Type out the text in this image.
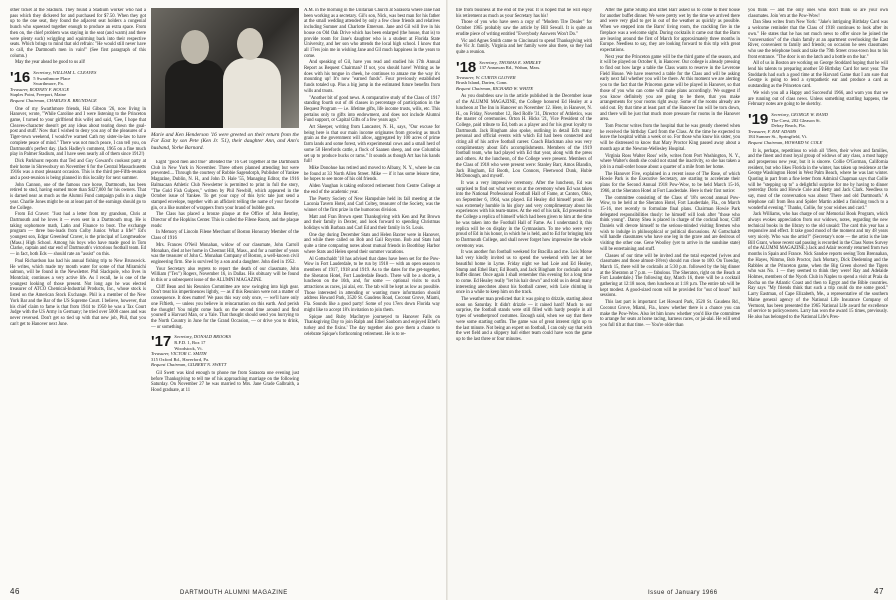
other ticket at the Stadium. They found a Stadium worker who had a pass which they dickered for and purchased for $7.50. When they got up to the one seat, they found the adjacent seat holders a congenial bunch who squeezed together enough to produce an extra space. From then on, the chief problem was staying in the seat (and warm) and there were plenty such) wriggling and squirming back into their respective seats. Which brings to mind that old refrain: "He would still never have to call, the Dartmouth men in vain!" (See first paragraph of this column.)

May the year ahead be good to us all!

'16 Secretary, WILLIAM L. CLEAVES
5 Swarthmore Place
Swarthmore, Pa.
Treasurer, RODNEY F. HOUGE
Staples Point, Freeport, Maine
Bequest Chairman, CHARLES R. BRUNDAGE

One of my Swarthmore friends, Hal Gibson '26, now living in Hanover, wrote, "While Caroline and I were listening to the Princeton game, I turned to your girlfriend this wife) and said, 'Gee, I hope that Cleaves-character doesn't get any ideas about tearing down the goal-post and stuff.' Now that I wished to deny you any of the pleasures of a Tiger-town weekend, I would've warned Cath my sister-in-law to have complete peace of mind." There was not much peace, I can tell you, on Dartmouth's perfect day. (Jack Hadley's comment, 1965 on a fine much play in Palmer Stadium, and I have seen nearly all of them since 1912!)

Dick Parkhurst reports that Ted and Guy Goward's cookout party at their home in Shrewsbury on November 6 for the Central Massachusetts 1916s was a most pleasant occasion. This is the third pre-Fifth-reunion and a post-reunion is being planned in this locality for next summer.

John Cannon, one of the famous race horse, Dartmouth, has been retired to stud, having earned more than $427,000 for his owners. That is darned near as much as the Alumni Fund campaign pulls in a single year. Charlie Jones might be on at least part of the earnings should go to the College.

From Ed Craver: "Just had a letter from my grandson, Chris at Dartmouth and he loves it — even sent in a Dartmouth mug. He is taking sophomore math, Latin and Finance to boot. The exchange program — three bus-loads from Colby Junior. What a life!" Ed's youngest son, Edgar Greenleaf Craver, is the principal of Longmeadow (Mass.) High School. Among his boys who have made good in Tom Clarke, captain and star end of Dartmouth's victorious football team. Ed — in fact, both Eds — should rate an "assist" on this.

Paul Richardson has had his annual fishing trip to New Brunswick. He writes, which made my month water for some of that Miramichi salmon, will be found in the Newsletter. Phil Slackpole, who lives in Montclair, continues a very active life. As I recall, he is one of the youngest looking of those present. Not long ago he was elected treasurer of ATCO Chemical-Industrial Products, Inc., whose stock is listed on the American Stock Exchange. Phil is a member of the New York Bar and the Bar of the US Supreme Court. I believe, however, that his chief claim to fame is that from 1944 to 1950 he was a Tax Court Judge with the US Army in Germany; he tried over 5000 cases and was never reversed. Don't get so tied up with that new job, Phil, that you can't get to Hanover next June.

Marie and Ken Henderson '16 were greeted on their return from the Far East by son Pete (Ken Jr. '51), their daughter Ann, and Ann's husband, Yorke Barnard.

Eight "good men and true" attended the '16 Get Together at the Dartmouth Club in New York in November. Three others planned attending but were prevented.... Through the courtesy of Robbie Sagendorph, Publisher of Yankee Magazine, Dublin, N. H., and John D. Hale '55, Managing Editor, the 1916 Balmacaan Athletic Club Newsletter is permitted to print in full the story, "The Gold Fish Gulpers," written by Phil Newbill, which appeared in the October issue of Yankee. To get your copy of this lyric tale just send a stamped envelope, together with an affidavit telling the name of your favorite gin, or a like number of wrappers from your brand of bubble gum.

The Class has placed a bronze plaque at the Office of John Bentley, Director of the Hopkins Center. This is called the Filene Room, and the plaque reads:

In Memory of Lincoln Filene Merchant of Boston Honorary Member of the Class of 1916

Mrs. Frances O'Neil Monahan, widow of our classmate, John Carroll Monahan, died at her home in Chestnut Hill, Mass., and for a number of years was the treasurer of John C. Monahan Company of Boston, a well-known civil engineering firm. She is survived by a son and a daughter. John died in 1952.

Your Secretary also regrets to report the death of our classmate, John William ("Tex") Rogers, November 16, in Dallas. His obituary will be found in this or a subsequent issue of the ALUMNI MAGAZINE.

Cliff Bean and his Reunion Committee are now swinging into high gear. Don't treat his impertinences lightly, — as if this Reunion were not a matter of consequence. It does matter! We pass this way only once, — we'll have only one Fiftieth, — unless you believe in reincarnation on this earth. And perish the thought! You might come back on the second time around and find yourself a Harvard Man, or a Yale. That thought should send you hurrying to the North Country in June for the Grand Occasion, — or drive you to drink, — or something.

'17 Secretary, DONALD BROOKS
R.F.D. 1, Box 17
Woodstock, Vt.
Treasurer, VICTOR C. SMITH
315 Oxford Rd., Haverford, Pa.
Bequest Chairman, GILBERT N. SWETT

Gil Swett was kind enough to phone me from Sarasota one evening just before Thanksgiving to tell me of his approaching marriage on the following Saturday. On November 27 he was married to Mrs. Jane Grade Galbraith, a Hood graduate, at 11

A.M. in the morning in the Unitarian Church at Sarasota where Jane had been working as a secretary. Gil's son, Nick, was best man for his father at the small wedding attended by only a few close friends and relatives including Sumner and Charlotte Emerson. Jane and Gil will live in his house on Old Oak Drive which has been enlarged (the house, that is) to provide room for Jane's daughter who is a student at Florida State University, and her son who attends the local high school. I know that all 17ers join me in wishing Jane and Gil much happiness in the years to come.

And speaking of Gil, have you read and studied his 17th Annual Report as Bequest Chairman? If not, you should have! Writing as he does with his tongue in cheek, he continues to amaze me the way it's mounting up! It's now "earned funds". Four previously established funds totaled up. Plus a big jump in the estimated future benefits from wills and trusts.

"Another bit of good news. A comparative study of the Class of 1917 standing fourth out of 46 classes in percentage of participation in the Bequest Program — i.e. lifetime gifts, life income trusts, wills, etc. This pertains only to gifts into endowment, and does not include Alumni Fund support, or Capital Gifts of a few years ago."

Art Skeeper, writing from Lancaster, N. H., says, "Our excuse for being here is that our main income originates from growing as much grain as the government will allow, aggregated by 100 acres of prime farm lands and some forest, with experimental cows and a small herd of some 50 Herefords cattle, a flock of Saanen sheep, and one Columbia set up to produce bucks or rams." It sounds as though Art has his hands full!

Mike Donohue has retired and moved to Albany, N. Y., where he can be found at 33 North Allen Street. Mike — if it has some leisure time, he hopes to see more of his old friends.

Alden Vaughan is taking enforced retirement from Centre College at the end of the academic year.

The Poetry Society of New Hampshire held its fall meeting at the Laconia Tavern Hotel, and Carl Coltey, treasurer of the Society, was the winner of the first prize in the humorous division.

Matt and Fran Brown spent Thanksgiving with Ken and Pat Brown and their family in Dexter, and look forward to spending Christmas holidays with Barbara and Carl Ed and their family in St. Louis.

One day during December Stats and Helen Baxter were in Hanover, and while there called on Bob and Gail Royston. Bob and Stats had quite a time comparing notes about mutual friends in Boothbay Harbor where Stats and Helen spend their summer vacations.

Al Gottschaldt '18 has advised that dates have been set for the Pow-Wow in Fort Lauderdale, to be run by 1918 — with an open season to members of 1917, 1918 and 1919. As to the dates for the get-together, the Sheraton Hotel, Fort Lauderdale Beach. There will be a shortie, a luncheon on the 16th, and, for some — optional visits to such attractions as races, jai alai, etc. The tab will be kept as low as possible. Those interested in attending or wanting more information should address Howard Park, 3520 St. Gaudens Road, Coconut Grove, Miami, Fla. Sounds like a good party! Some of you 17ers down Florida way might like to accept 18's invitation to join them.

Spique and Ruby MacIntyre journeyed to Hanover Falls on Thanksgiving Day to join Ralph and Ethel Sanborn and enjoyed Ethel's turkey and the fixins.' The day together also gave them a chance to celebrate Spique's forthcoming retirement. He is to re-

46	DARTMOUTH ALUMNI MAGAZINE

tire from business at the end of the year. It is hoped that he will enjoy his retirement as much as your Secretary has his!

Those of you who have seen a copy of "Modern Tire Dealer" for October 1965 probably saw the article by Bill Sewall. It is quite an erudite piece of writing entitled "Everybody Answers Won't Do."

Vic and Agnes Smith came to Cincinnati to spend Thanksgiving with the Vic Jr. family. Virginia and her family were also there, so they had quite a reunion.

'18 Secretary, THOMAS E. SHIRLEY
137 Annawan Rd., Waban, Mass.
Treasurer, W. CURTIS GLOVER
Brush Island, Darien, Conn.
Bequest Chairman, RICHARD W. WHITE

As you doubtless saw in the article published in the December issue of the ALUMNI MAGAZINE, the College honored Ed Healey at a luncheon at The Inn in Hanover on November 12. Here, in Hanover, N. H., on Friday, November 12, Red Rolfe '31, Director of Athletics, was the master of ceremonies. Orton H. Hicks '21, Vice President of the College, paid tribute to Ed, both as a player and for his great loyalty to Dartmouth. Jack Bingham also spoke, outlining in detail Ed's many personal and official events with which Ed had been connected and citing all of his active football career. Coach Blackman also was very complimentary about Ed's accomplishments. Members of the 1919 football team, who had played with Ed that year, along with the press and others. At the luncheon, of the College were present. Members of the Class of 1918 who were present were: Stanley Barr, Amos Blandin, Jack Bingham, Ed Booth, Lou Connors, Fleetwood Dunk, Hubie McDonough, and myself.

It was a very impressive ceremony. After the luncheon, Ed was surprised to find out what went on at the ceremony when Ed was taken into the National Professional Football Hall of Fame, at Canton, Ohio, on September 6, 1964, was played. Ed Healey did himself proud. He was extremely humble in his glory and very complimentary about his experiences with his team-mates. At the end of his talk, Ed presented to the College a replica of himself which had been given to him at the time he was taken into the Football Hall of Fame. As I understand it, this replica will be on display in the Gymnasium. To me who were very proud of Ed in his honor, in which he is held, and to Ed for bringing him to Dartmouth College, and shall never forget how impressive the whole ceremony was.

It was another fun football weekend for Bracilla and me. Lois Morse had very kindly invited us to spend the weekend with her at her beautiful home in Lyme. Friday night we had Loie and Ed Healey, Stump and Ethel Barr, Ed Booth, and Jack Bingham for cocktails and a buffet dinner. Once again I shall remember this evening for a long time to come. Ed Healey really "let his hair down" and told us in detail many interesting anecdotes about his football career, with Loie chiming in once in a while to keep him on the track.

The weather man predicted that it was going to drizzle, starting about noon on Saturday. It didn't drizzle — it rained hard! Much to our surprise, the football stands were still filled with hardy people in all types of weatherproof costumes. Enough said, when we say that there were some starting outfits. The game was of great interest right up to the last minute. Not being an expert on football, I can only say that with the wet field and a slippery ball either team could have won the game up to the last three or four minutes.

After the game Stump and Ethel Barr asked us to come to their house for another buffet dinner. We were pretty wet by the time we arrived there and were very glad to get in out of the weather as quickly as possible. When we stepped into the Barrs' living room, the crackling fire in the fireplace was a welcome sight. During cocktails it came out that the Barrs are leaving around the first of March for approximately three months in Europe. Needless to say, they are looking forward to this trip with great expectations.

Next year the Princeton game will be the third game of the season, and it will be played on October 8, in Hanover. Our college is already pressing to find out how large a table the Class wants to reserve in the Leverone Field House. We have reserved a table for the Class and will be asking early next fall whether you will be there. At this moment we are alerting you to the fact that the Princeton game will be played in Hanover, so that those of you who can come will make plans accordingly. We suggest if you know definitely you are going to be there, that you make arrangements for your rooms right away. Some of the rooms already are sold out. By that time at least part of the Hanover Inn will be torn down, and there will be just that much more pressure for rooms in the Hanover area.

Tom Proctor writes from the hospital that he was greatly cheered when he received the birthday Card from the Class. At the time he expected to leave the hospital within a week or so. For those who know his sister, you will be distressed to know that Mary Proctor King passed away about a month ago at the Newton-Wellesley Hospital.

Virginia Ross Walter Ross' wife, writes from Port Washington, N. Y., where Walter's death she could not stand the inactivity, so she has taken a job in a mail-order house about a quarter of a mile from her home.

The Hanover Five, explained in a recent issue of The Rose, of which Howie Park is the Executive Secretary, are starting to accelerate their plans for the Second Annual 1918 Pow-Wow, to be held March 15-16, 1966, at the Sheraton Hotel at Fort Lauderdale. Here is their first notice:

The committee consisting of the Class of '18's second annual Pow-Wow, to be held at the Sheraton Hotel, Fort Lauderdale, Fla., on March 15-16, met recently to formulate final plans. Chairman Howie Park delegated responsibilities thusly: he himself will look after "those who think young". Danny Shea is placed in charge of the cocktail hour, Cliff Daniels will devote himself to the serious-minded visiting firemen who wish to indulge in philosophical or political discussions. Al Gottschaldt will handle classmates who have one leg in the grave and are desirous of visiting the other one. Gene Woolley (yet to arrive in the sunshine state) will be entertaining and stuff.

Classes of our time will be invited and the total expected (wives and classmates and those almost-18'ers) should run close to 100. On Tuesday, March 15, there will be cocktails at 5:30 p.m. followed by the big dinner at the Sheraton at 7 p.m. — fabulous. The Sheraton, right on the Beach at Fort Lauderdale.) The following day, March 16, there will be a cocktail gathering at 12:18 noon, then luncheon at 1:18 p.m. The entire tab will be kept modest. A good-sized room will be provided for "out of hours" bull sessions.

This last part is important: Let Howard Park, 3520 St. Gaudens Rd., Coconut Grove, Miami, Fla., know whether there is a chance you can make the Pow-Wow. Also let him know whether you'd like the committee to arrange for seats at horse racing, harness races, or jai-alai. He will send you full tilt at that time. — You're older than

you think — and the only ones who don't think so are your own classmates. Join 'em at the Pow-Wow!

Dan Shea writes from New York: "Jake's intriguing Birthday Card was a welcome reminder that the Class of 1918 continues to look after its own." He states that he has not much news to offer since he joined the "conversation" of the chain family at an apartment overlooking the East River, convenient to family and friends; on occasion he sees classmates who use the telephone book and take the 79th Street cross-town bus to his front entrance. "The door is on the latch and a bottle on the bar."

All of us in Boston are working on George Stoddard hoping that he will lend his talents to preparing another 50 Birthday Card for next year. The Stoddards had such a good time at the Harvard Game that I am sure that George is going to lend a sympathetic ear and produce a card as outstanding as the Princeton card.

We wish you all a Happy and Successful 1966, and warn you that we are running out of class news. Unless something startling happens, the February notes are going to be sketchy.

'19 Secretary, GEORGE W. RAND
The Crest, 202 Gleason St.
Delray Beach, Fla.
Treasurer, F. RAY ADAMS
184 Sumner St., Springfield, Vt.
Bequest Chairman, HOWARD W. COLE

It is, perhaps, repetitious to wish all '19ers, their wives and families, and the finest and most loyal group of widows of any class, a most happy and prosperous new year, but it is sincere. Collie O'Gorman, California resident, but who likes Florida in the winter, has taken up residence at the George Washington Hotel in West Palm Beach, where he was last winter. Quoting in part from a fine letter from Admiral Chapman says that Collie will be "stepping up to" a delightful surprise for me by having to dinner yesterday Doris and Howie Cole and Betty and Jack Clark. Needless to say, most of the conversation was about 'There and old Dartmouth.' A telephone call from Bea and Spider Martin added a finishing touch to a wonderful evening." Thanks, Collie, for your wishes and card."

Jack Williams, who has charge of our Memorial Book Program, which always evokes appreciation from our widows, notes, regarding the new technical books in the library to the old unsaid: The card this year has a responsive and effect. It take good mood of the moment and my 48 years very nicely. Who was the artist?" (Secretary's note — the artist is the late Bill Grant, whose recent sad passing is recorded in the Class Notes Survey of the ALUMNI MAGAZINE.) Jack and Adair recently returned from two months in Spain and France. Nick Sandoe reports seeing Tom Brennahan, the Hayes, Nimmo, Bob Proctor, Jack Mortary, Dick Diedeming and the Rabbles at the Princeton game, when the Big Green shoved the Tigers who was No. 1 — they seemed to think they were! Ray and Adelaide Holmes, members of the Nyork Club in Naples to spend a visit at Praia da Rocha on the Atlantic Coast and then to Egypt and the Bible countries. Ray says "My friends think that such a trip could do me some good." Larry Eastman, of Cape Elizabeth, Me., a representative of the southern Maine general agency of the National Life Insurance Company of Vermont, has been presented the 1965 National Life award for excellence of service to policyowners. Larry has won the award 15 times, previously. He also has belonged to the National Life's Pres-

Issue of January 1966	47
